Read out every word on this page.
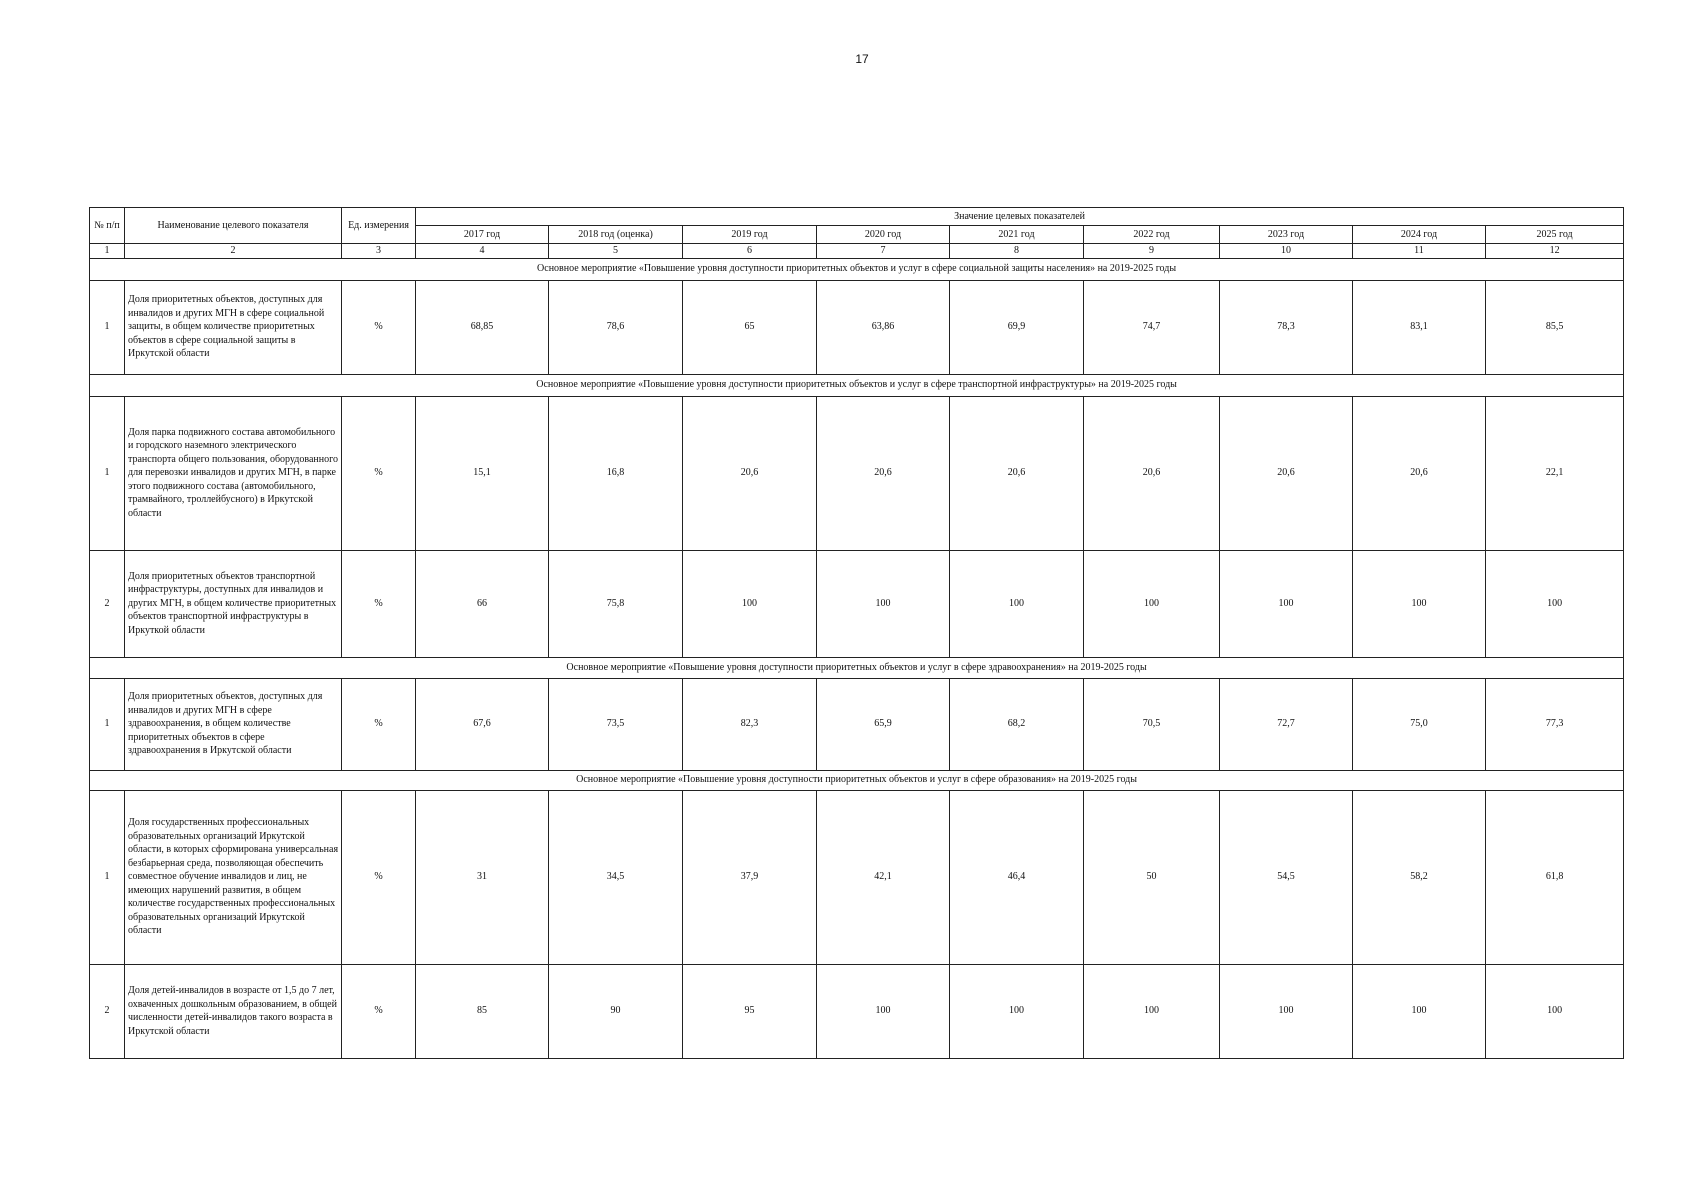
17
№ п/п	Наименование целевого показателя	Ед. измерения	Значение целевых показателей								
			2017 год	2018 год (оценка)	2019 год	2020 год	2021 год	2022 год	2023 год	2024 год	2025 год
1	2	3	4	5	6	7	8	9	10	11	12
Основное мероприятие «Повышение уровня доступности приоритетных объектов и услуг в сфере социальной защиты населения» на 2019-2025 годы											
1	Доля приоритетных объектов, доступных для инвалидов и других МГН в сфере социальной защиты, в общем количестве приоритетных объектов в сфере социальной защиты в Иркутской области	%	68,85	78,6	65	63,86	69,9	74,7	78,3	83,1	85,5
Основное мероприятие «Повышение уровня доступности приоритетных объектов и услуг в сфере транспортной инфраструктуры» на 2019-2025 годы											
1	Доля парка подвижного состава автомобильного и городского наземного электрического транспорта общего пользования, оборудованного для перевозки инвалидов и других МГН, в парке этого подвижного состава (автомобильного, трамвайного, троллейбусного) в Иркутской области	%	15,1	16,8	20,6	20,6	20,6	20,6	20,6	20,6	22,1
2	Доля приоритетных объектов транспортной инфраструктуры, доступных для инвалидов и других МГН, в общем количестве приоритетных объектов транспортной инфраструктуры в Иркуткой области	%	66	75,8	100	100	100	100	100	100	100
Основное мероприятие «Повышение уровня доступности приоритетных объектов и услуг в сфере здравоохранения» на 2019-2025 годы											
1	Доля приоритетных объектов, доступных для инвалидов и других МГН в сфере здравоохранения, в общем количестве приоритетных объектов в сфере здравоохранения в Иркутской области	%	67,6	73,5	82,3	65,9	68,2	70,5	72,7	75,0	77,3
Основное мероприятие «Повышение уровня доступности приоритетных объектов и услуг в сфере образования» на 2019-2025 годы											
1	Доля государственных профессиональных образовательных организаций Иркутской области, в которых сформирована универсальная безбарьерная среда, позволяющая обеспечить совместное обучение инвалидов и лиц, не имеющих нарушений развития, в общем количестве государственных профессиональных образовательных организаций Иркутской области	%	31	34,5	37,9	42,1	46,4	50	54,5	58,2	61,8
2	Доля детей-инвалидов в возрасте от 1,5 до 7 лет, охваченных дошкольным образованием, в общей численности детей-инвалидов такого возраста в Иркутской области	%	85	90	95	100	100	100	100	100	100
